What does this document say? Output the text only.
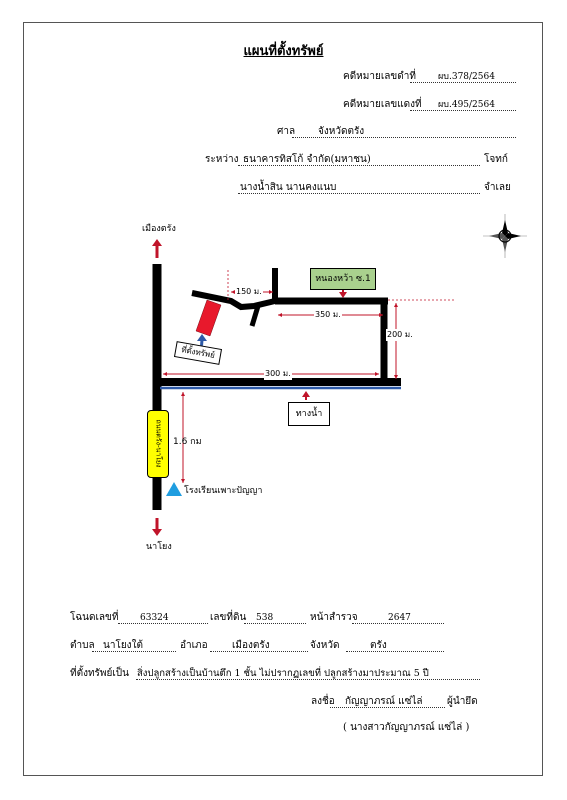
แผนที่ตั้งทรัพย์
คดีหมายเลขดำที่ ผบ.378/2564
คดีหมายเลขแดงที่ ผบ.495/2564
ศาล จังหวัดตรัง
ระหว่าง ธนาคารทิสโก้ จำกัด(มหาชน)	โจทก์
นางน้ำสิน นานคงแนบ	จำเลย
เมืองตรัง
นาโยง
ถนนตรัง-นาโยง 1.6 กม
โรงเรียนเพาะปัญญา
ที่ตั้งทรัพย์
หนองหว้า ซ.1
ทางน้ำ
150 ม.
350 ม.
200 ม.
300 ม.
โฉนดเลขที่ 63324	เลขที่ดิน 538	หน้าสำรวจ	2647
ตำบล นาโยงใต้	อำเภอ เมืองตรัง	จังหวัด	ตรัง
ที่ตั้งทรัพย์เป็น สิ่งปลูกสร้างเป็นบ้านตึก 1 ชั้น ไม่ปรากฏเลขที่ ปลูกสร้างมาประมาณ 5 ปี
ลงชื่อ กัญญาภรณ์ แซ่ไล่ ผู้นำยึด
( นางสาวกัญญาภรณ์ แซ่ไล่ )
